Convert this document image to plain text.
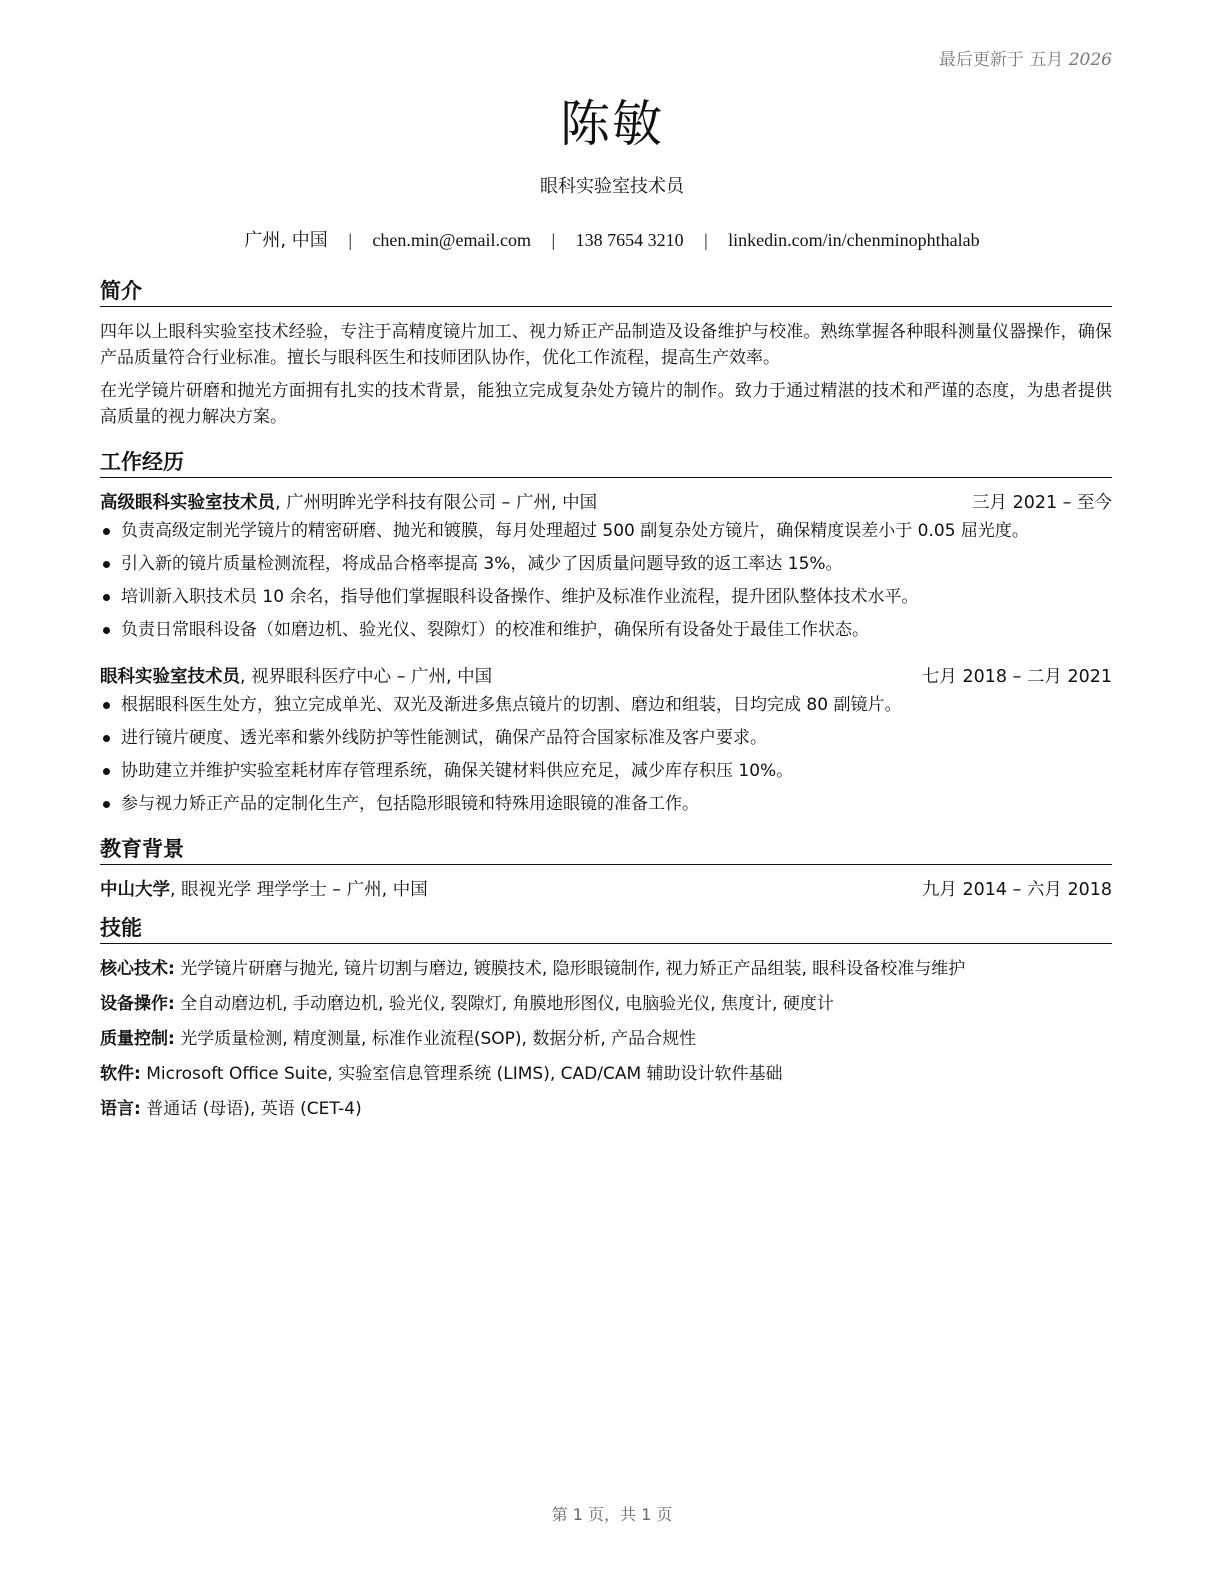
最后更新于 五月 2026
陈敏
眼科实验室技术员
广州, 中国 | chen.min@email.com | 138 7654 3210 | linkedin.com/in/chenminophthalab
简介

四年以上眼科实验室技术经验，专注于高精度镜片加工、视力矫正产品制造及设备维护与校准。熟练掌握各种眼科测量仪器操作，确保产品质量符合行业标准。擅长与眼科医生和技师团队协作，优化工作流程，提高生产效率。

在光学镜片研磨和抛光方面拥有扎实的技术背景，能独立完成复杂处方镜片的制作。致力于通过精湛的技术和严谨的态度，为患者提供高质量的视力解决方案。

工作经历
高级眼科实验室技术员, 广州明眸光学科技有限公司 – 广州, 中国	三月 2021 – 至今
负责高级定制光学镜片的精密研磨、抛光和镀膜，每月处理超过 500 副复杂处方镜片，确保精度误差小于 0.05 屈光度。
引入新的镜片质量检测流程，将成品合格率提高 3%，减少了因质量问题导致的返工率达 15%。
培训新入职技术员 10 余名，指导他们掌握眼科设备操作、维护及标准作业流程，提升团队整体技术水平。
负责日常眼科设备（如磨边机、验光仪、裂隙灯）的校准和维护，确保所有设备处于最佳工作状态。
眼科实验室技术员, 视界眼科医疗中心 – 广州, 中国	七月 2018 – 二月 2021
根据眼科医生处方，独立完成单光、双光及渐进多焦点镜片的切割、磨边和组装，日均完成 80 副镜片。
进行镜片硬度、透光率和紫外线防护等性能测试，确保产品符合国家标准及客户要求。
协助建立并维护实验室耗材库存管理系统，确保关键材料供应充足，减少库存积压 10%。
参与视力矫正产品的定制化生产，包括隐形眼镜和特殊用途眼镜的准备工作。
教育背景
中山大学, 眼视光学 理学学士 – 广州, 中国	九月 2014 – 六月 2018
技能
核心技术: 光学镜片研磨与抛光, 镜片切割与磨边, 镀膜技术, 隐形眼镜制作, 视力矫正产品组装, 眼科设备校准与维护
设备操作: 全自动磨边机, 手动磨边机, 验光仪, 裂隙灯, 角膜地形图仪, 电脑验光仪, 焦度计, 硬度计
质量控制: 光学质量检测, 精度测量, 标准作业流程(SOP), 数据分析, 产品合规性
软件: Microsoft Office Suite, 实验室信息管理系统 (LIMS), CAD/CAM 辅助设计软件基础
语言: 普通话 (母语), 英语 (CET-4)
第 1 页，共 1 页
